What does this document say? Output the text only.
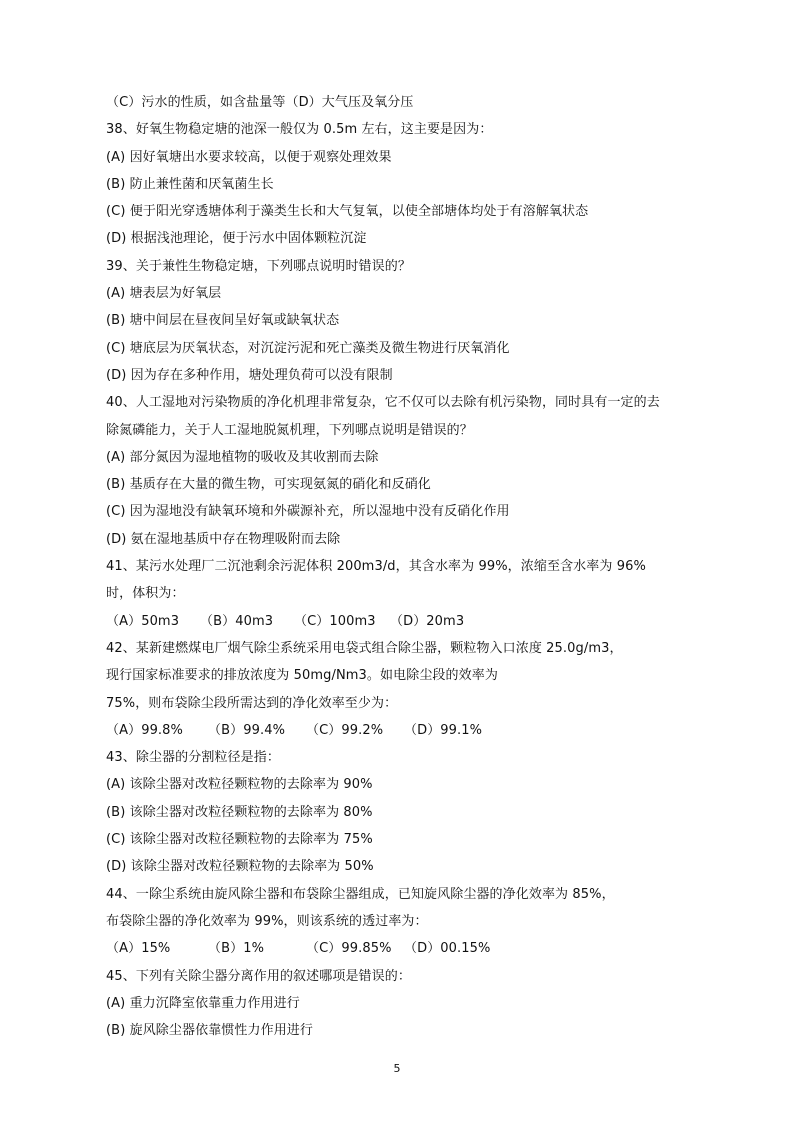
（C）污水的性质，如含盐量等（D）大气压及氧分压
38、好氧生物稳定塘的池深一般仅为 0.5m 左右，这主要是因为：
(A) 因好氧塘出水要求较高，以便于观察处理效果
(B) 防止兼性菌和厌氧菌生长
(C) 便于阳光穿透塘体利于藻类生长和大气复氧，以使全部塘体均处于有溶解氧状态
(D) 根据浅池理论，便于污水中固体颗粒沉淀
39、关于兼性生物稳定塘，下列哪点说明时错误的？
(A) 塘表层为好氧层
(B) 塘中间层在昼夜间呈好氧或缺氧状态
(C) 塘底层为厌氧状态，对沉淀污泥和死亡藻类及微生物进行厌氧消化
(D) 因为存在多种作用，塘处理负荷可以没有限制
40、人工湿地对污染物质的净化机理非常复杂，它不仅可以去除有机污染物，同时具有一定的去
除氮磷能力，关于人工湿地脱氮机理，下列哪点说明是错误的？
(A) 部分氮因为湿地植物的吸收及其收割而去除
(B) 基质存在大量的微生物，可实现氨氮的硝化和反硝化
(C) 因为湿地没有缺氧环境和外碳源补充，所以湿地中没有反硝化作用
(D) 氨在湿地基质中存在物理吸附而去除
41、某污水处理厂二沉池剩余污泥体积 200m3/d，其含水率为 99%，浓缩至含水率为 96%
时，体积为：
（A）50m3 （B）40m3 （C）100m3 （D）20m3
42、某新建燃煤电厂烟气除尘系统采用电袋式组合除尘器，颗粒物入口浓度 25.0g/m3，
现行国家标准要求的排放浓度为 50mg/Nm3。如电除尘段的效率为
75%，则布袋除尘段所需达到的净化效率至少为：
（A）99.8% （B）99.4% （C）99.2% （D）99.1%
43、除尘器的分割粒径是指：
(A) 该除尘器对改粒径颗粒物的去除率为 90%
(B) 该除尘器对改粒径颗粒物的去除率为 80%
(C) 该除尘器对改粒径颗粒物的去除率为 75%
(D) 该除尘器对改粒径颗粒物的去除率为 50%
44、一除尘系统由旋风除尘器和布袋除尘器组成，已知旋风除尘器的净化效率为 85%，
布袋除尘器的净化效率为 99%，则该系统的透过率为：
（A）15%	（B）1%	（C）99.85% （D）00.15%
45、下列有关除尘器分离作用的叙述哪项是错误的：
(A) 重力沉降室依靠重力作用进行
(B) 旋风除尘器依靠惯性力作用进行
5
